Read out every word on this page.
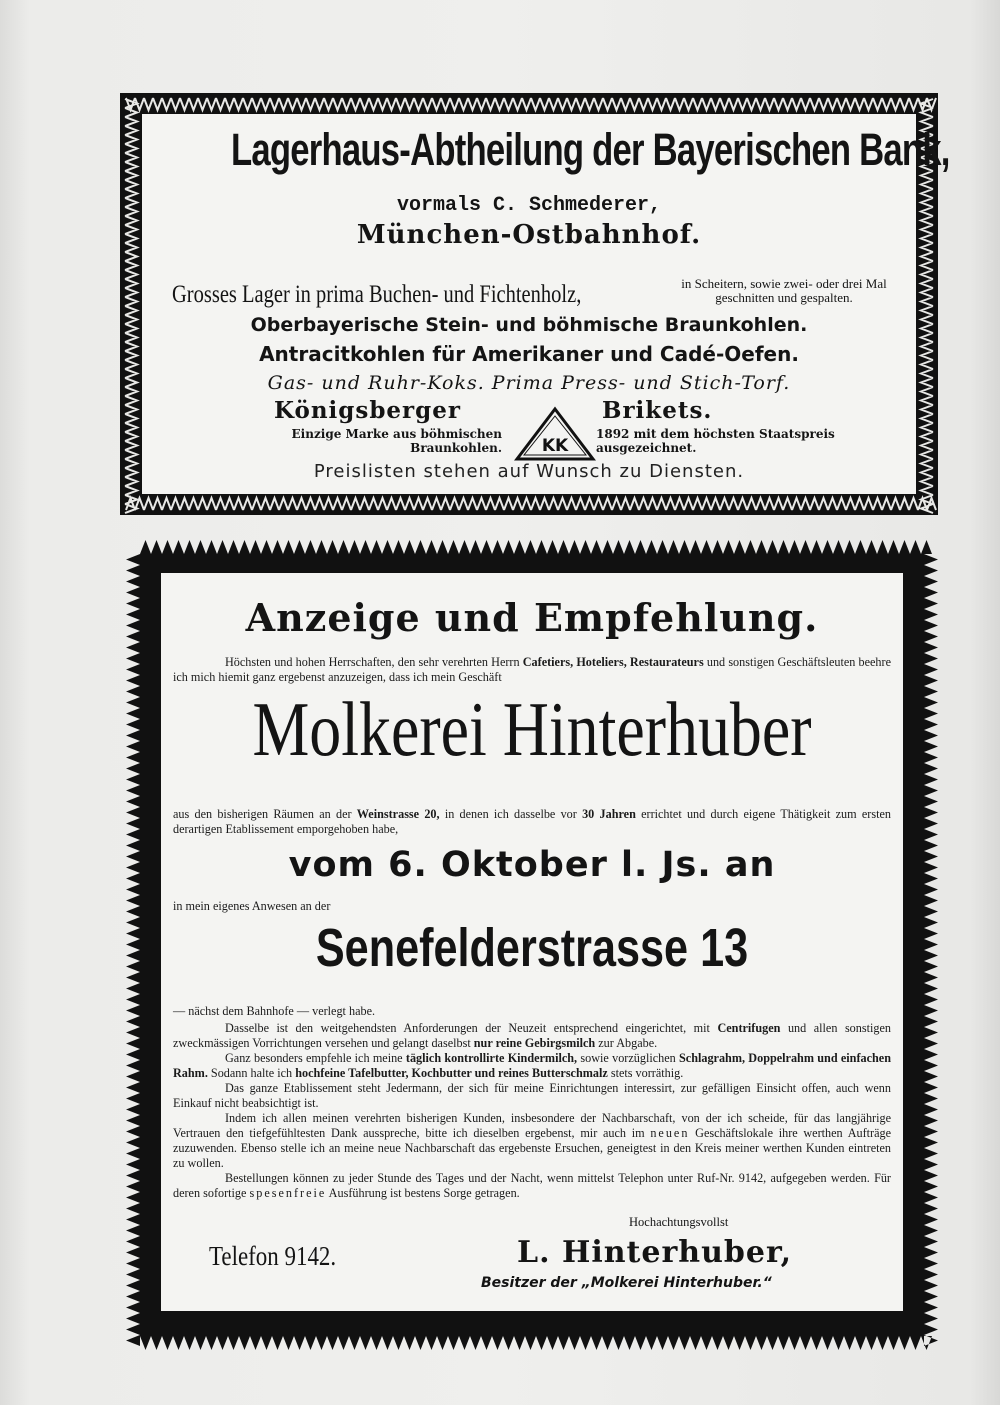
Lagerhaus-Abtheilung der Bayerischen Bank,
vormals C. Schmederer,
München-Ostbahnhof.
Grosses Lager in prima Buchen- und Fichtenholz,	in Scheitern, sowie zwei- oder drei Mal geschnitten und gespalten.
Oberbayerische Stein- und böhmische Braunkohlen.
Antracitkohlen für Amerikaner und Cadé-Oefen.
Gas- und Ruhr-Koks. Prima Press- und Stich-Torf.
Königsberger
Einzige Marke aus böhmischen Braunkohlen. KK
Brikets.
1892 mit dem höchsten Staatspreis ausgezeichnet.
Preislisten stehen auf Wunsch zu Diensten.
Anzeige und Empfehlung.
Höchsten und hohen Herrschaften, den sehr verehrten Herrn Cafetiers, Hoteliers, Restaurateurs und sonstigen Geschäftsleuten beehre ich mich hiemit ganz ergebenst anzuzeigen, dass ich mein Geschäft
Molkerei Hinterhuber
aus den bisherigen Räumen an der Weinstrasse 20, in denen ich dasselbe vor 30 Jahren errichtet und durch eigene Thätigkeit zum ersten derartigen Etablissement emporgehoben habe,
vom 6. Oktober l. Js. an
in mein eigenes Anwesen an der
Senefelderstrasse 13
— nächst dem Bahnhofe — verlegt habe.

Dasselbe ist den weitgehendsten Anforderungen der Neuzeit entsprechend eingerichtet, mit Centrifugen und allen sonstigen zweckmässigen Vorrichtungen versehen und gelangt daselbst nur reine Gebirgsmilch zur Abgabe.

Ganz besonders empfehle ich meine täglich kontrollirte Kindermilch, sowie vorzüglichen Schlagrahm, Doppelrahm und einfachen Rahm. Sodann halte ich hochfeine Tafelbutter, Kochbutter und reines Butterschmalz stets vorräthig.

Das ganze Etablissement steht Jedermann, der sich für meine Einrichtungen interessirt, zur gefälligen Einsicht offen, auch wenn Einkauf nicht beabsichtigt ist.

Indem ich allen meinen verehrten bisherigen Kunden, insbesondere der Nachbarschaft, von der ich scheide, für das langjährige Vertrauen den tiefgefühltesten Dank ausspreche, bitte ich dieselben ergebenst, mir auch im neuen Geschäftslokale ihre werthen Aufträge zuzuwenden. Ebenso stelle ich an meine neue Nachbarschaft das ergebenste Ersuchen, geneigtest in den Kreis meiner werthen Kunden eintreten zu wollen.

Bestellungen können zu jeder Stunde des Tages und der Nacht, wenn mittelst Telephon unter Ruf-Nr. 9142, aufgegeben werden. Für deren sofortige spesenfreie Ausführung ist bestens Sorge getragen.

Hochachtungsvollst
Telefon 9142.	L. Hinterhuber,
Besitzer der „Molkerei Hinterhuber.“
